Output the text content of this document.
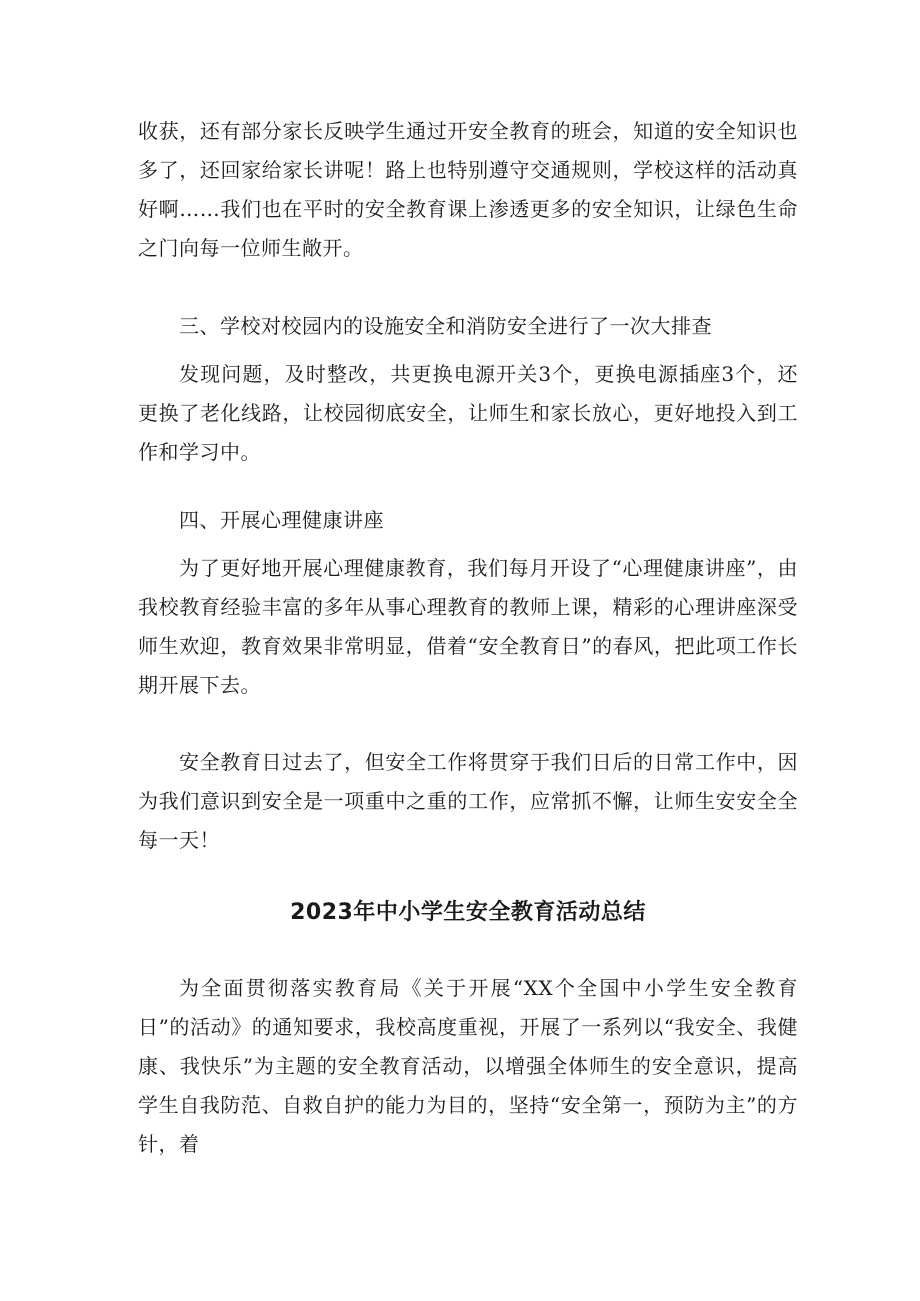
收获，还有部分家长反映学生通过开安全教育的班会，知道的安全知识也多了，还回家给家长讲呢！路上也特别遵守交通规则，学校这样的活动真好啊……我们也在平时的安全教育课上渗透更多的安全知识，让绿色生命之门向每一位师生敞开。

三、学校对校园内的设施安全和消防安全进行了一次大排查

发现问题，及时整改，共更换电源开关3个，更换电源插座3个，还更换了老化线路，让校园彻底安全，让师生和家长放心，更好地投入到工作和学习中。

四、开展心理健康讲座

为了更好地开展心理健康教育，我们每月开设了“心理健康讲座”，由我校教育经验丰富的多年从事心理教育的教师上课，精彩的心理讲座深受师生欢迎，教育效果非常明显，借着“安全教育日”的春风，把此项工作长期开展下去。

安全教育日过去了，但安全工作将贯穿于我们日后的日常工作中，因为我们意识到安全是一项重中之重的工作，应常抓不懈，让师生安安全全每一天！

2023年中小学生安全教育活动总结

为全面贯彻落实教育局《关于开展“XX个全国中小学生安全教育日”的活动》的通知要求，我校高度重视，开展了一系列以“我安全、我健康、我快乐”为主题的安全教育活动，以增强全体师生的安全意识，提高学生自我防范、自救自护的能力为目的，坚持“安全第一，预防为主”的方针，着
